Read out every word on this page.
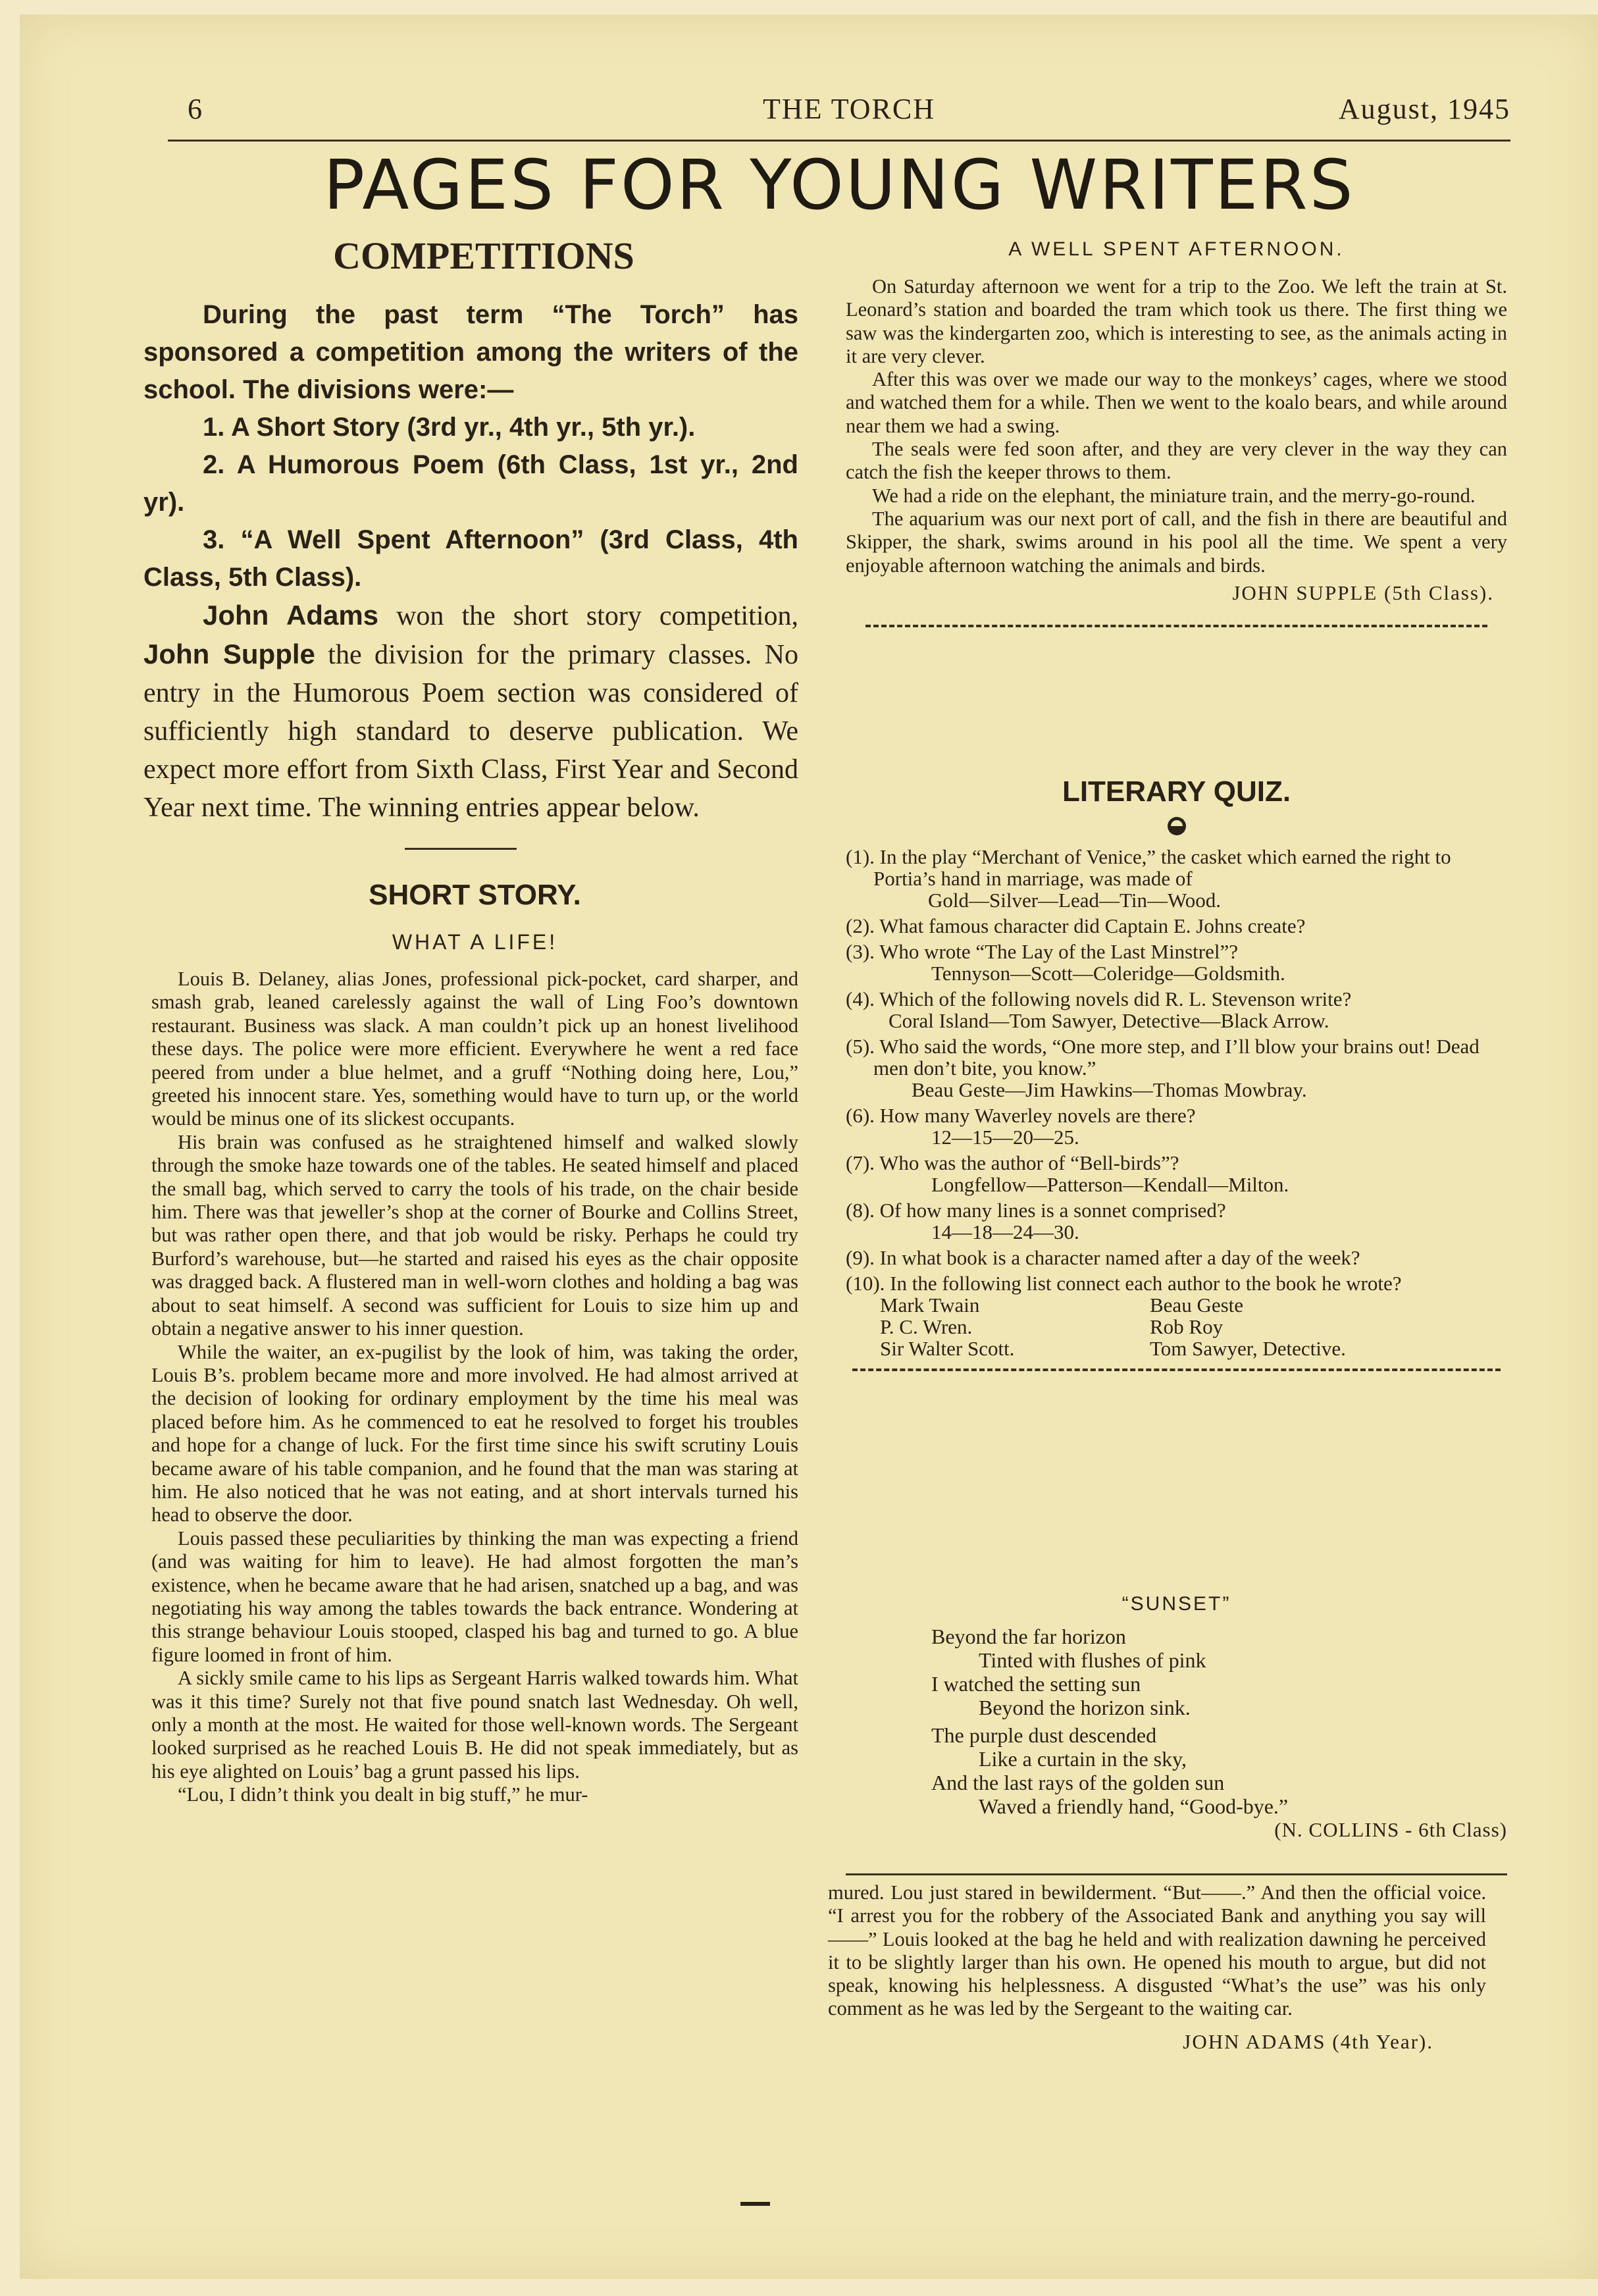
6	THE TORCH	August, 1945
PAGES FOR YOUNG WRITERS
COMPETITIONS

During the past term “The Torch” has sponsored a competition among the writers of the school. The divisions were:—

1. A Short Story (3rd yr., 4th yr., 5th yr.).

2. A Humorous Poem (6th Class, 1st yr., 2nd yr).

3. “A Well Spent Afternoon” (3rd Class, 4th Class, 5th Class).

John Adams won the short story competition, John Supple the division for the primary classes. No entry in the Humorous Poem section was considered of sufficiently high standard to deserve publication. We expect more effort from Sixth Class, First Year and Second Year next time. The winning entries appear below.

SHORT STORY.
WHAT A LIFE!

Louis B. Delaney, alias Jones, professional pick-pocket, card sharper, and smash grab, leaned carelessly against the wall of Ling Foo’s downtown restaurant. Business was slack. A man couldn’t pick up an honest livelihood these days. The police were more efficient. Everywhere he went a red face peered from under a blue helmet, and a gruff “Nothing doing here, Lou,” greeted his innocent stare. Yes, something would have to turn up, or the world would be minus one of its slickest occupants.

His brain was confused as he straightened himself and walked slowly through the smoke haze towards one of the tables. He seated himself and placed the small bag, which served to carry the tools of his trade, on the chair beside him. There was that jeweller’s shop at the corner of Bourke and Collins Street, but was rather open there, and that job would be risky. Perhaps he could try Burford’s warehouse, but—he started and raised his eyes as the chair opposite was dragged back. A flustered man in well-worn clothes and holding a bag was about to seat himself. A second was sufficient for Louis to size him up and obtain a negative answer to his inner question.

While the waiter, an ex-pugilist by the look of him, was taking the order, Louis B’s. problem became more and more involved. He had almost arrived at the decision of looking for ordinary employment by the time his meal was placed before him. As he commenced to eat he resolved to forget his troubles and hope for a change of luck. For the first time since his swift scrutiny Louis became aware of his table companion, and he found that the man was staring at him. He also noticed that he was not eating, and at short intervals turned his head to observe the door.

Louis passed these peculiarities by thinking the man was expecting a friend (and was waiting for him to leave). He had almost forgotten the man’s existence, when he became aware that he had arisen, snatched up a bag, and was negotiating his way among the tables towards the back entrance. Wondering at this strange behaviour Louis stooped, clasped his bag and turned to go. A blue figure loomed in front of him.

A sickly smile came to his lips as Sergeant Harris walked towards him. What was it this time? Surely not that five pound snatch last Wednesday. Oh well, only a month at the most. He waited for those well-known words. The Sergeant looked surprised as he reached Louis B. He did not speak immediately, but as his eye alighted on Louis’ bag a grunt passed his lips.

“Lou, I didn’t think you dealt in big stuff,” he mur-

A WELL SPENT AFTERNOON.

On Saturday afternoon we went for a trip to the Zoo. We left the train at St. Leonard’s station and boarded the tram which took us there. The first thing we saw was the kindergarten zoo, which is interesting to see, as the animals acting in it are very clever.

After this was over we made our way to the monkeys’ cages, where we stood and watched them for a while. Then we went to the koalo bears, and while around near them we had a swing.

The seals were fed soon after, and they are very clever in the way they can catch the fish the keeper throws to them.

We had a ride on the elephant, the miniature train, and the merry-go-round.

The aquarium was our next port of call, and the fish in there are beautiful and Skipper, the shark, swims around in his pool all the time. We spent a very enjoyable afternoon watching the animals and birds.

JOHN SUPPLE (5th Class).
LITERARY QUIZ.
(1). In the play “Merchant of Venice,” the casket which earned the right to Portia’s hand in marriage, was made of
Gold—Silver—Lead—Tin—Wood.
(2). What famous character did Captain E. Johns create?
(3). Who wrote “The Lay of the Last Minstrel”?
Tennyson—Scott—Coleridge—Goldsmith.
(4). Which of the following novels did R. L. Stevenson write?
Coral Island—Tom Sawyer, Detective—Black Arrow.
(5). Who said the words, “One more step, and I’ll blow your brains out! Dead men don’t bite, you know.”
Beau Geste—Jim Hawkins—Thomas Mowbray.
(6). How many Waverley novels are there?
12—15—20—25.
(7). Who was the author of “Bell-birds”?
Longfellow—Patterson—Kendall—Milton.
(8). Of how many lines is a sonnet comprised?
14—18—24—30.
(9). In what book is a character named after a day of the week?
(10). In the following list connect each author to the book he wrote?
Mark Twain
P. C. Wren.
Sir Walter Scott.
Beau Geste
Rob Roy
Tom Sawyer, Detective.
“SUNSET”
Beyond the far horizon
Tinted with flushes of pink
I watched the setting sun
Beyond the horizon sink.
The purple dust descended
Like a curtain in the sky,
And the last rays of the golden sun
Waved a friendly hand, “Good-bye.”
(N. COLLINS - 6th Class)

mured. Lou just stared in bewilderment. “But——.” And then the official voice. “I arrest you for the robbery of the Associated Bank and anything you say will——” Louis looked at the bag he held and with realization dawning he perceived it to be slightly larger than his own. He opened his mouth to argue, but did not speak, knowing his helplessness. A disgusted “What’s the use” was his only comment as he was led by the Sergeant to the waiting car.

JOHN ADAMS (4th Year).
